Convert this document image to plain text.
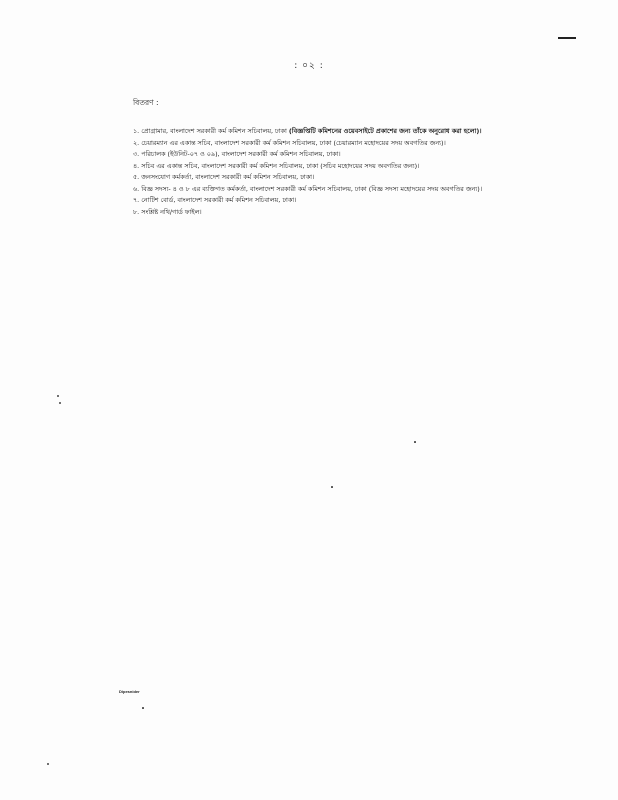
: ০২ :
বিতরণ :
১. প্রোগ্রামার, বাংলাদেশ সরকারী কর্ম কমিশন সচিবালয়, ঢাকা (বিজ্ঞপ্তিটি কমিশনের ওয়েবসাইটে প্রকাশের জন্য তাঁকে অনুরোধ করা হলো)।
২. চেয়ারম্যান এর একান্ত সচিব, বাংলাদেশ সরকারী কর্ম কমিশন সচিবালয়, ঢাকা (চেয়ারম্যান মহোদয়ের সদয় অবগতির জন্য)।
৩. পরিচালক (ইউনিট-০৭ ও ০৯), বাংলাদেশ সরকারী কর্ম কমিশন সচিবালয়, ঢাকা।
৪. সচিব এর একান্ত সচিব, বাংলাদেশ সরকারী কর্ম কমিশন সচিবালয়, ঢাকা (সচিব মহোদয়ের সদয় অবগতির জন্য)।
৫. জনসংযোগ কর্মকর্তা, বাংলাদেশ সরকারী কর্ম কমিশন সচিবালয়, ঢাকা।
৬. বিজ্ঞ সদস্য- ৪ ও ৮ এর ব্যক্তিগত কর্মকর্তা, বাংলাদেশ সরকারী কর্ম কমিশন সচিবালয়, ঢাকা (বিজ্ঞ সদস্য মহোদয়ের সদয় অবগতির জন্য)।
৭. নোটিশ বোর্ড, বাংলাদেশ সরকারী কর্ম কমিশন সচিবালয়, ঢাকা।
৮. সংশ্লিষ্ট নথি/গার্ড ফাইল।
Dipesnider
